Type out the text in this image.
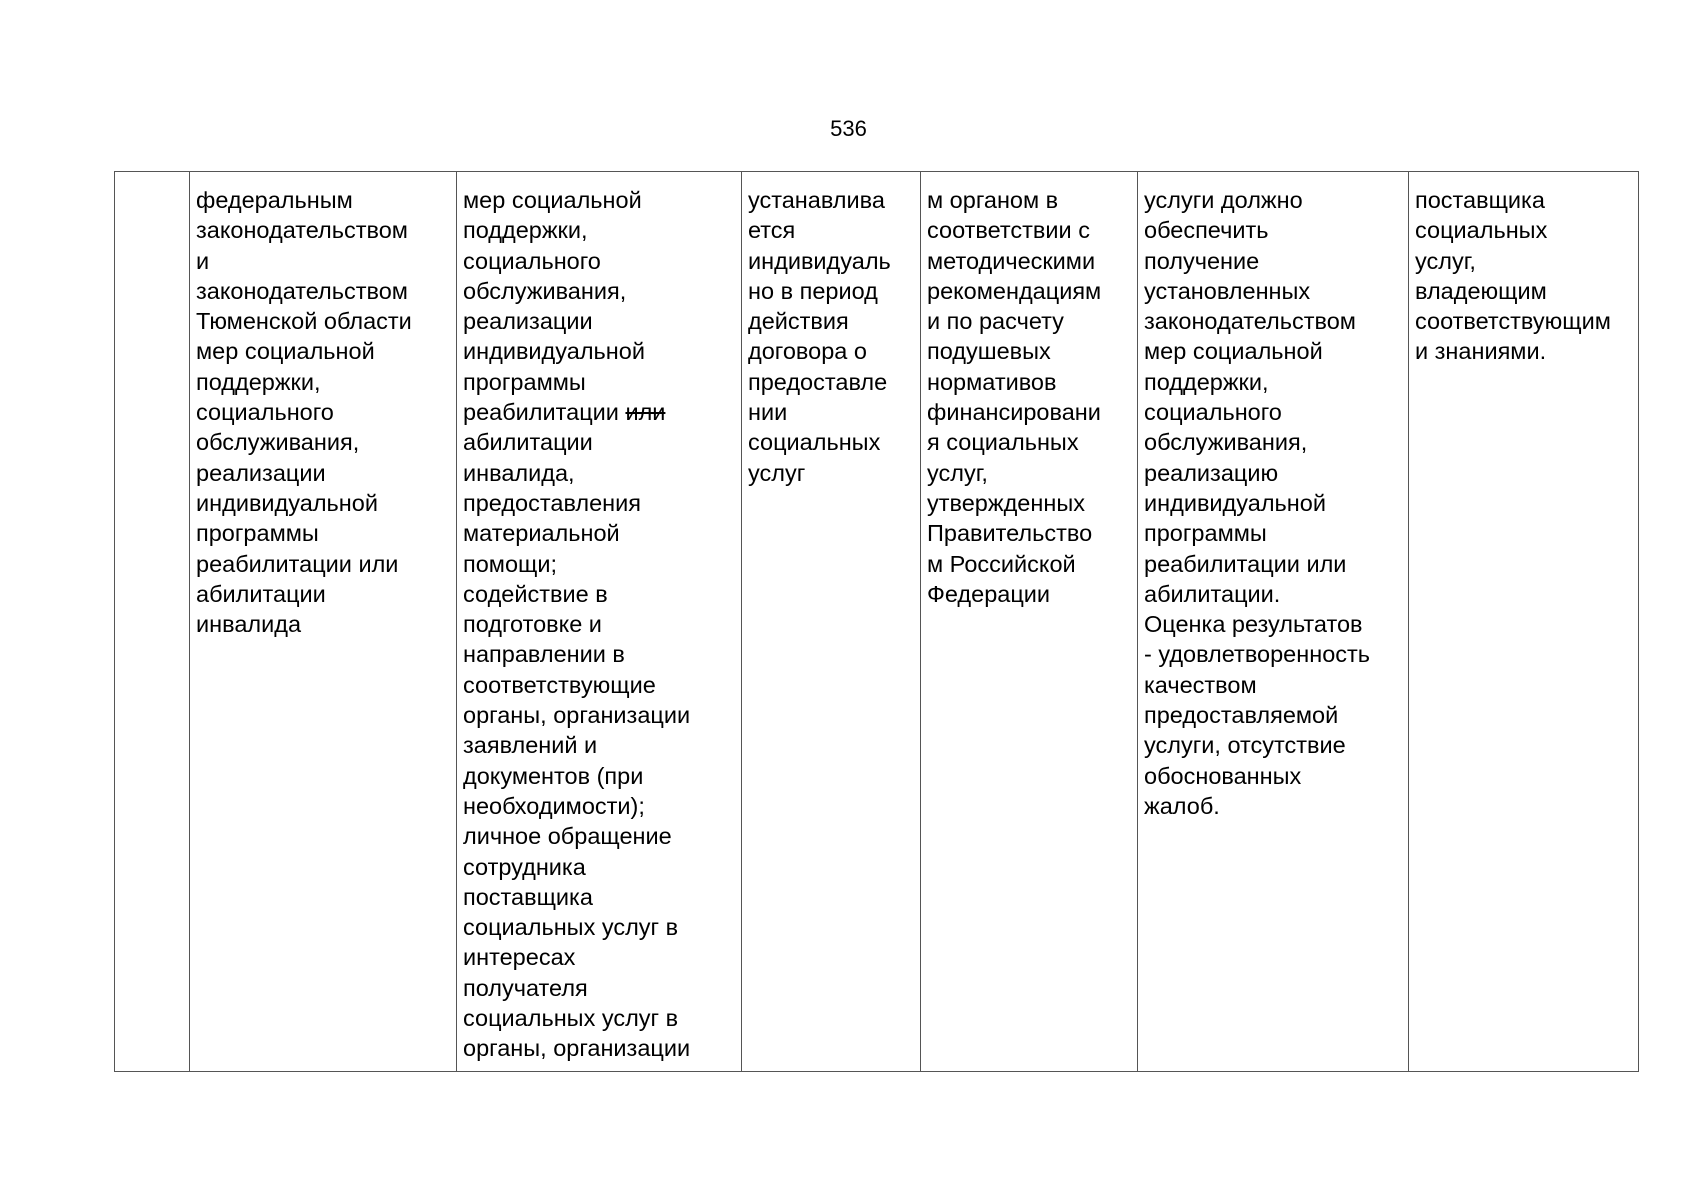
536
	федеральным
законодательством
и
законодательством
Тюменской области
мер социальной
поддержки,
социального
обслуживания,
реализации
индивидуальной
программы
реабилитации или
абилитации
инвалида	мер социальной
поддержки,
социального
обслуживания,
реализации
индивидуальной
программы
реабилитации или
абилитации
инвалида,
предоставления
материальной
помощи;
содействие в
подготовке и
направлении в
соответствующие
органы, организации
заявлений и
документов (при
необходимости);
личное обращение
сотрудника
поставщика
социальных услуг в
интересах
получателя
социальных услуг в
органы, организации	устанавлива
ется
индивидуаль
но в период
действия
договора о
предоставле
нии
социальных
услуг	м органом в
соответствии с
методическими
рекомендациям
и по расчету
подушевых
нормативов
финансировани
я социальных
услуг,
утвержденных
Правительство
м Российской
Федерации	услуги должно
обеспечить
получение
установленных
законодательством
мер социальной
поддержки,
социального
обслуживания,
реализацию
индивидуальной
программы
реабилитации или
абилитации.
Оценка результатов
- удовлетворенность
качеством
предоставляемой
услуги, отсутствие
обоснованных
жалоб.	поставщика
социальных
услуг,
владеющим
соответствующим
и знаниями.
